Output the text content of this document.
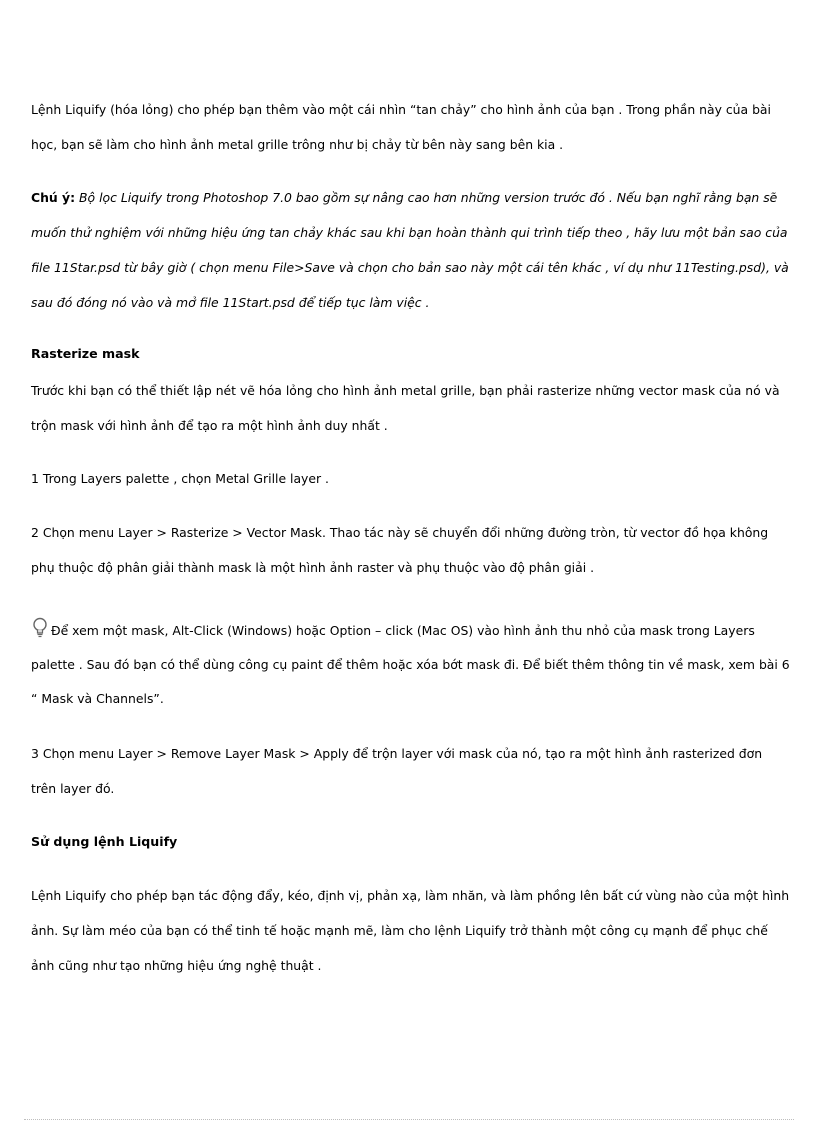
Lệnh Liquify (hóa lỏng) cho phép bạn thêm vào một cái nhìn “tan chảy” cho hình ảnh của bạn . Trong phần này của bài học, bạn sẽ làm cho hình ảnh metal grille trông như bị chảy từ bên này sang bên kia .

Chú ý: Bộ lọc Liquify trong Photoshop 7.0 bao gồm sự nâng cao hơn những version trước đó . Nếu bạn nghĩ rằng bạn sẽ muốn thử nghiệm với những hiệu ứng tan chảy khác sau khi bạn hoàn thành qui trình tiếp theo , hãy lưu một bản sao của file 11Star.psd từ bây giờ ( chọn menu File>Save và chọn cho bản sao này một cái tên khác , ví dụ như 11Testing.psd), và sau đó đóng nó vào và mở file 11Start.psd để tiếp tục làm việc .

Rasterize mask

Trước khi bạn có thể thiết lập nét vẽ hóa lỏng cho hình ảnh metal grille, bạn phải rasterize những vector mask của nó và trộn mask với hình ảnh để tạo ra một hình ảnh duy nhất .

1 Trong Layers palette , chọn Metal Grille layer .

2 Chọn menu Layer > Rasterize > Vector Mask. Thao tác này sẽ chuyển đổi những đường tròn, từ vector đồ họa không phụ thuộc độ phân giải thành mask là một hình ảnh raster và phụ thuộc vào độ phân giải .

Để xem một mask, Alt-Click (Windows) hoặc Option – click (Mac OS) vào hình ảnh thu nhỏ của mask trong Layers palette . Sau đó bạn có thể dùng công cụ paint để thêm hoặc xóa bớt mask đi. Để biết thêm thông tin về mask, xem bài 6 “ Mask và Channels”.

3 Chọn menu Layer > Remove Layer Mask > Apply để trộn layer với mask của nó, tạo ra một hình ảnh rasterized đơn trên layer đó.

Sử dụng lệnh Liquify

Lệnh Liquify cho phép bạn tác động đẩy, kéo, định vị, phản xạ, làm nhăn, và làm phồng lên bất cứ vùng nào của một hình ảnh. Sự làm méo của bạn có thể tinh tế hoặc mạnh mẽ, làm cho lệnh Liquify trở thành một công cụ mạnh để phục chế ảnh cũng như tạo những hiệu ứng nghệ thuật .
